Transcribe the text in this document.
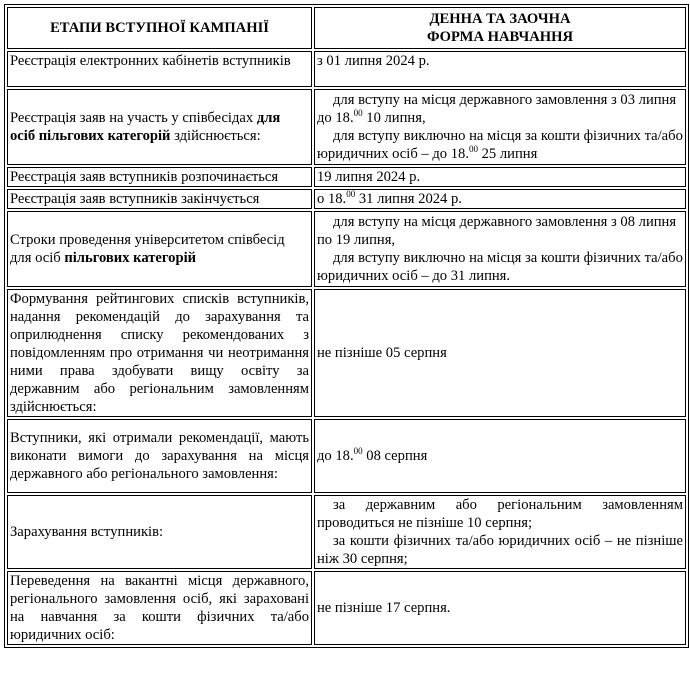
ЕТАПИ ВСТУПНОЇ КАМПАНІЇ	ДЕННА ТА ЗАОЧНА
ФОРМА НАВЧАННЯ

Реєстрація електронних кабінетів вступників	з 01 липня 2024 р.
Реєстрація заяв на участь у співбесідах для осіб пільгових категорій здійснюється:	для вступу на місця державного замовлення з 03 липня до 18.00 10 липня,
для вступу виключно на місця за кошти фізичних та/або юридичних осіб – до 18.00 25 липня

Реєстрація заяв вступників розпочинається	19 липня 2024 р.
Реєстрація заяв вступників закінчується	о 18.00 31 липня 2024 р.
Строки проведення університетом співбесід для осіб пільгових категорій	для вступу на місця державного замовлення з 08 липня по 19 липня,
для вступу виключно на місця за кошти фізичних та/або юридичних осіб – до 31 липня.

Формування рейтингових списків вступників, надання рекомендацій до зарахування та оприлюднення списку рекомендованих з повідомленням про отримання чи неотримання ними права здобувати вищу освіту за державним або регіональним замовленням здійснюється:	не пізніше 05 серпня
Вступники, які отримали рекомендації, мають виконати вимоги до зарахування на місця державного або регіонального замовлення:	до 18.00 08 серпня
Зарахування вступників:	за державним або регіональним замовленням проводиться не пізніше 10 серпня;
за кошти фізичних та/або юридичних осіб – не пізніше ніж 30 серпня;

Переведення на вакантні місця державного, регіонального замовлення осіб, які зараховані на навчання за кошти фізичних та/або юридичних осіб:	не пізніше 17 серпня.
